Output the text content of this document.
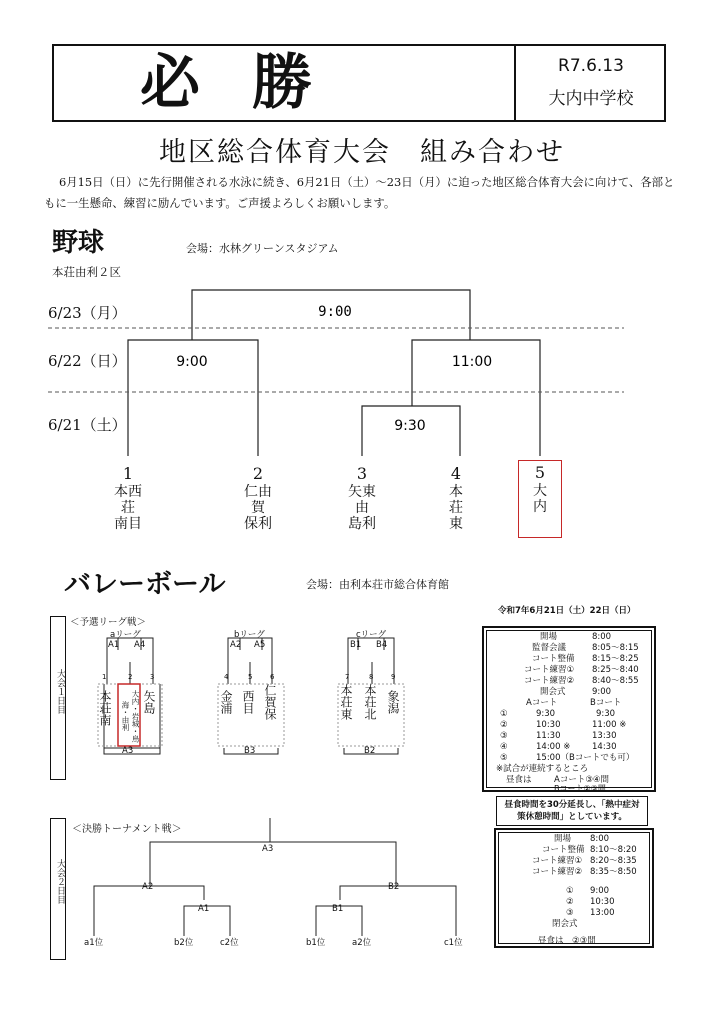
必勝	R7.6.13
大内中学校
地区総合体育大会　組み合わせ
6月15日（日）に先行開催される水泳に続き、6月21日（土）～23日（月）に迫った地区総合体育大会に向けて、各部ともに一生懸命、練習に励んでいます。ご声援よろしくお願いします。
野球	会場：水林グリーンスタジアム
本荘由利２区
6/23（月）
6/22（日）
6/21（土）
9:00
9:00	11:00
9:30
1
本西
荘
南目
2
仁由
賀
保利
3
矢東
由
島利
4
本
荘
東
5
大
内
バレーボール	会場：由利本荘市総合体育館
令和7年6月21日（土）22日（日）
大会１日目
大会２日目
＜予選リーグ戦＞
＜決勝トーナメント戦＞
aリーグ
A1 A4
1	2	3
本荘南	大内・岩城・鳥海・由利	矢島
A3
bリーグ
A2 A5
4	5	6
金浦 西目 仁賀保
B3
cリーグ
B1 B4
7	8	9
本荘東 本荘北 象潟
B2
A3
A2
A1
B2
B1
a1位	b2位	c2位	b1位	a2位	c1位
開場	8:00
監督会議	8:05～8:15
コート整備 8:15～8:25
コート練習① 8:25～8:40
コート練習② 8:40～8:55
開会式	9:00
Aコート	Bコート
①	9:30	9:30
②	10:30	11:00 ※
③	11:30	13:30
④	14:00 ※	14:30
⑤	15:00（Bコートでも可）
※試合が連続するところ
昼食は	Aコート③④間
Bコート②③間
昼食時間を30分延長し、「熱中症対策休憩時間」としています。
開場 8:00
コート整備 8:10～8:20
コート練習① 8:20～8:35
コート練習② 8:35～8:50
① 9:00
② 10:30
③ 13:00
閉会式
昼食は　②③間
